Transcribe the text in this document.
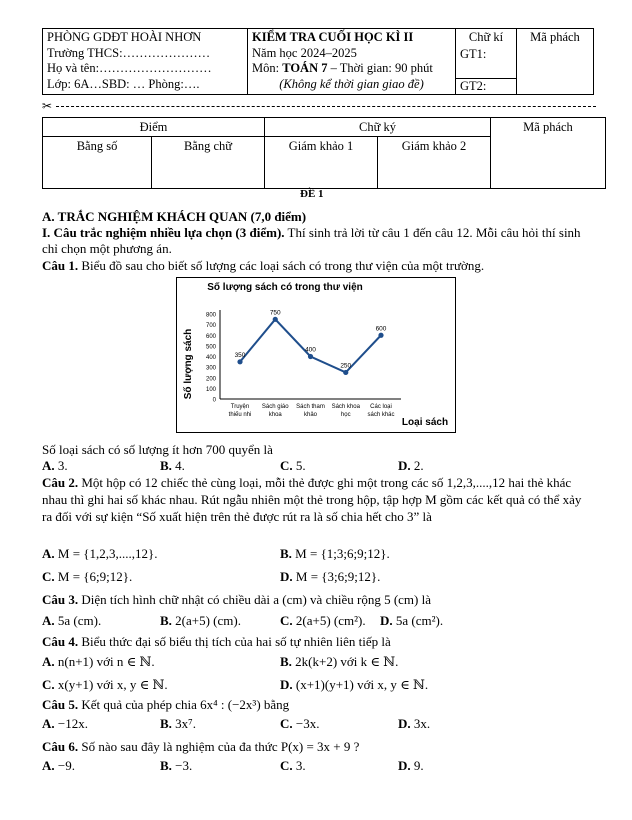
PHÒNG GDĐT HOÀI NHƠN
Trường THCS:…………………
Họ và tên:………………………
Lớp: 6A…SBD: … Phòng:….

KIỂM TRA CUỐI HỌC KÌ II
Năm học 2024–2025
Môn: TOÁN 7 – Thời gian: 90 phút
(Không kể thời gian giao đề)

Chữ kí
GT1:
GT2:

Mã phách
✂
Điểm		Chữ ký		Mã phách
Bằng số	Bằng chữ	Giám khảo 1	Giám khảo 2	
ĐỀ 1
A. TRẮC NGHIỆM KHÁCH QUAN (7,0 điểm)
I. Câu trắc nghiệm nhiều lựa chọn (3 điểm). Thí sinh trả lời từ câu 1 đến câu 12. Mỗi câu hỏi thí sinh chỉ chọn một phương án.
Câu 1. Biểu đồ sau cho biết số lượng các loại sách có trong thư viện của một trường.
Số lượng sách có trong thư viện
Số lượng sách
Loại sách
0
100
200
300
400
500
600
700
800
Truyện
thiếu nhi
Sách giáo
khoa
Sách tham
khảo
Sách khoa
học
Các loại
sách khác
350
750
400
250
600
Số loại sách có số lượng ít hơn 700 quyển là
A. 3.	B. 4.	C. 5.	D. 2.
Câu 2. Một hộp có 12 chiếc thẻ cùng loại, mỗi thẻ được ghi một trong các số 1,2,3,....,12 hai thẻ khác nhau thì ghi hai số khác nhau. Rút ngẫu nhiên một thẻ trong hộp, tập hợp M gồm các kết quả có thể xảy ra đối với sự kiện “Số xuất hiện trên thẻ được rút ra là số chia hết cho 3” là
A. M = {1,2,3,....,12}.	B. M = {1;3;6;9;12}.
C. M = {6;9;12}.	D. M = {3;6;9;12}.
Câu 3. Diện tích hình chữ nhật có chiều dài a (cm) và chiều rộng 5 (cm) là
A. 5a (cm).	B. 2(a+5) (cm).	C. 2(a+5) (cm²). D. 5a (cm²).
Câu 4. Biểu thức đại số biểu thị tích của hai số tự nhiên liên tiếp là
A. n(n+1) với n ∈ ℕ.	B. 2k(k+2) với k ∈ ℕ.
C. x(y+1) với x, y ∈ ℕ.	D. (x+1)(y+1) với x, y ∈ ℕ.
Câu 5. Kết quả của phép chia 6x⁴ : (−2x³) bằng
A. −12x.	B. 3x⁷.	C. −3x.	D. 3x.
Câu 6. Số nào sau đây là nghiệm của đa thức P(x) = 3x + 9 ?
A. −9.	B. −3.	C. 3.	D. 9.
